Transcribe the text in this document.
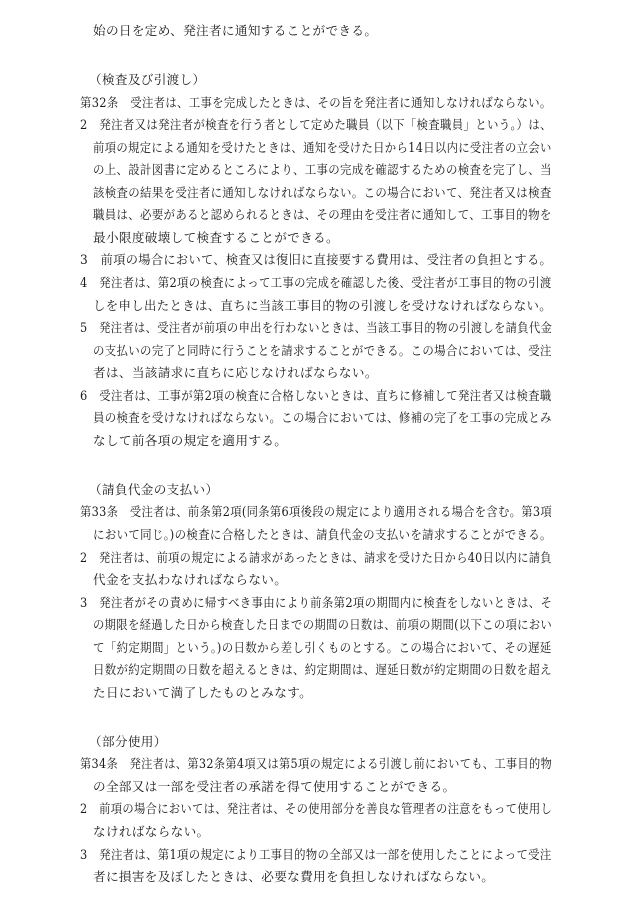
始の日を定め、発注者に通知することができる。
（検査及び引渡し）
第32条　受注者は、工事を完成したときは、その旨を発注者に通知しなければならない。
2　発注者又は発注者が検査を行う者として定めた職員（以下「検査職員」という。）は、
前項の規定による通知を受けたときは、通知を受けた日から14日以内に受注者の立会い
の上、設計図書に定めるところにより、工事の完成を確認するための検査を完了し、当
該検査の結果を受注者に通知しなければならない。この場合において、発注者又は検査
職員は、必要があると認められるときは、その理由を受注者に通知して、工事目的物を
最小限度破壊して検査することができる。
3　前項の場合において、検査又は復旧に直接要する費用は、受注者の負担とする。
4　発注者は、第2項の検査によって工事の完成を確認した後、受注者が工事目的物の引渡
しを申し出たときは、直ちに当該工事目的物の引渡しを受けなければならない。
5　発注者は、受注者が前項の申出を行わないときは、当該工事目的物の引渡しを請負代金
の支払いの完了と同時に行うことを請求することができる。この場合においては、受注
者は、当該請求に直ちに応じなければならない。
6　受注者は、工事が第2項の検査に合格しないときは、直ちに修補して発注者又は検査職
員の検査を受けなければならない。この場合においては、修補の完了を工事の完成とみ
なして前各項の規定を適用する。
（請負代金の支払い）
第33条　受注者は、前条第2項(同条第6項後段の規定により適用される場合を含む。第3項
において同じ。)の検査に合格したときは、請負代金の支払いを請求することができる。
2　発注者は、前項の規定による請求があったときは、請求を受けた日から40日以内に請負
代金を支払わなければならない。
3　発注者がその責めに帰すべき事由により前条第2項の期間内に検査をしないときは、そ
の期限を経過した日から検査した日までの期間の日数は、前項の期間(以下この項におい
て「約定期間」という。)の日数から差し引くものとする。この場合において、その遅延
日数が約定期間の日数を超えるときは、約定期間は、遅延日数が約定期間の日数を超え
た日において満了したものとみなす。
（部分使用）
第34条　発注者は、第32条第4項又は第5項の規定による引渡し前においても、工事目的物
の全部又は一部を受注者の承諾を得て使用することができる。
2　前項の場合においては、発注者は、その使用部分を善良な管理者の注意をもって使用し
なければならない。
3　発注者は、第1項の規定により工事目的物の全部又は一部を使用したことによって受注
者に損害を及ぼしたときは、必要な費用を負担しなければならない。
